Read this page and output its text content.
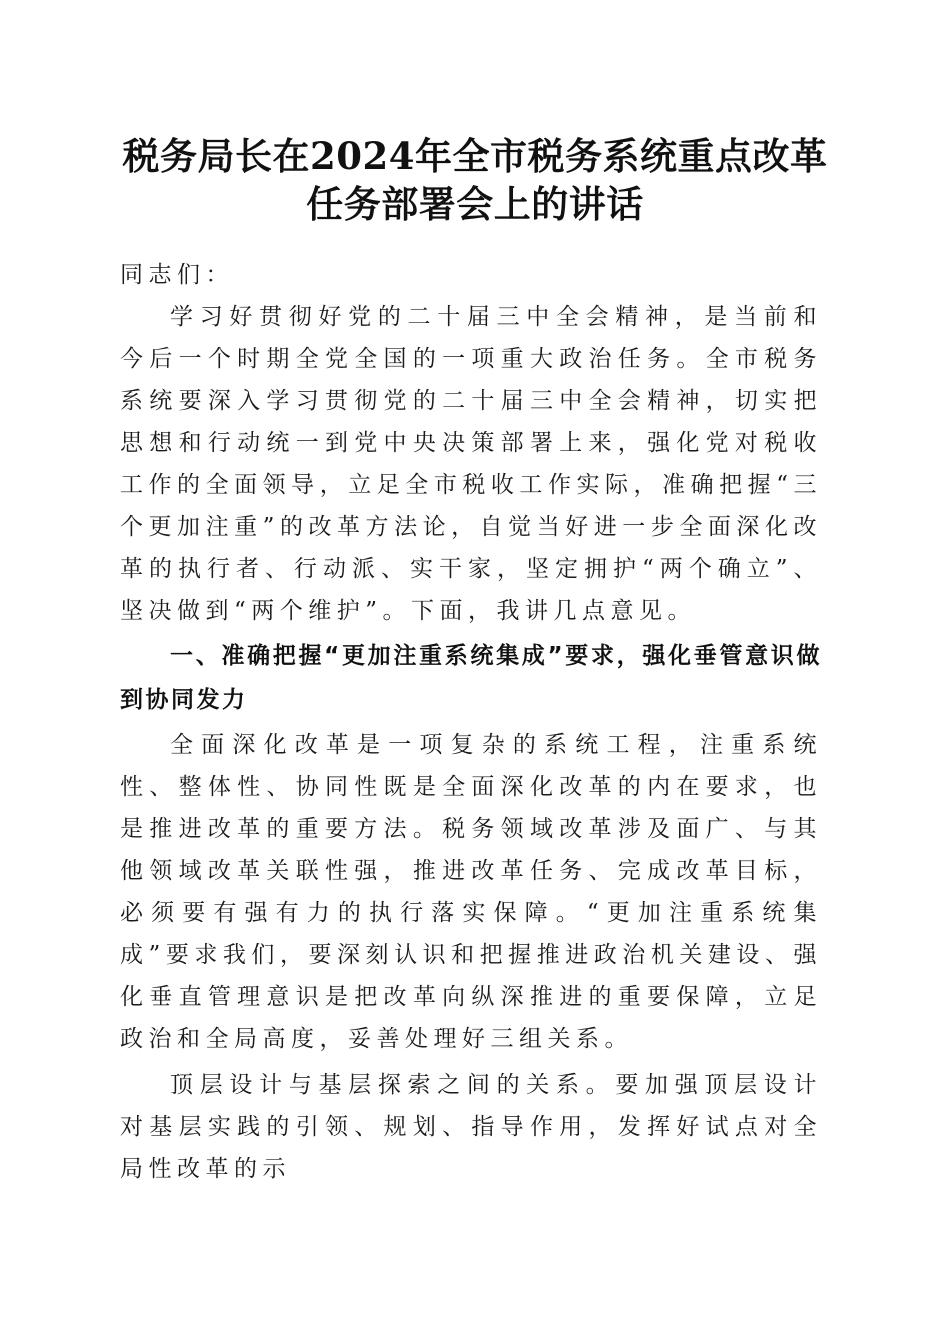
税务局长在2024年全市税务系统重点改革任务部署会上的讲话

同志们：

学习好贯彻好党的二十届三中全会精神，是当前和今后一个时期全党全国的一项重大政治任务。全市税务系统要深入学习贯彻党的二十届三中全会精神，切实把思想和行动统一到党中央决策部署上来，强化党对税收工作的全面领导，立足全市税收工作实际，准确把握“三个更加注重”的改革方法论，自觉当好进一步全面深化改革的执行者、行动派、实干家，坚定拥护“两个确立”、坚决做到“两个维护”。下面，我讲几点意见。

一、准确把握“更加注重系统集成”要求，强化垂管意识做到协同发力

全面深化改革是一项复杂的系统工程，注重系统性、整体性、协同性既是全面深化改革的内在要求，也是推进改革的重要方法。税务领域改革涉及面广、与其他领域改革关联性强，推进改革任务、完成改革目标，必须要有强有力的执行落实保障。“更加注重系统集成”要求我们，要深刻认识和把握推进政治机关建设、强化垂直管理意识是把改革向纵深推进的重要保障，立足政治和全局高度，妥善处理好三组关系。

顶层设计与基层探索之间的关系。要加强顶层设计对基层实践的引领、规划、指导作用，发挥好试点对全局性改革的示
